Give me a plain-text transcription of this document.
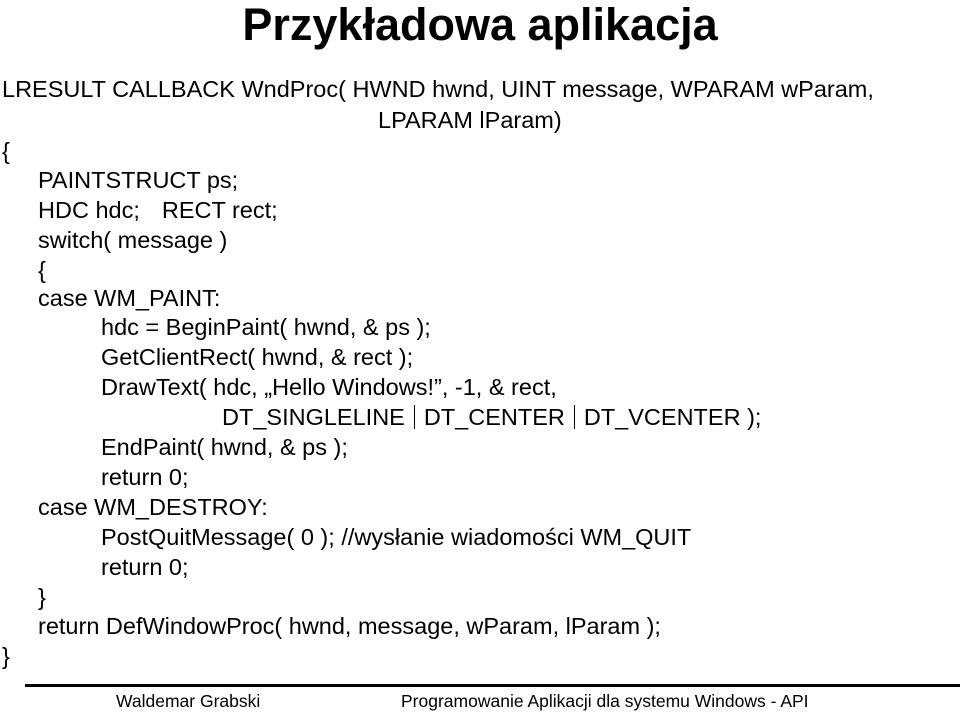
Przykładowa aplikacja
LRESULT CALLBACK WndProc( HWND hwnd, UINT message, WPARAM wParam,
LPARAM lParam)
{
PAINTSTRUCT ps;
HDC hdc; RECT rect;
switch( message )
{
case WM_PAINT:
hdc = BeginPaint( hwnd, & ps );
GetClientRect( hwnd, & rect );
DrawText( hdc, „Hello Windows!”, -1, & rect,
DT_SINGLELINE DT_CENTER DT_VCENTER );
EndPaint( hwnd, & ps );
return 0;
case WM_DESTROY:
PostQuitMessage( 0 ); //wysłanie wiadomości WM_QUIT
return 0;
}
return DefWindowProc( hwnd, message, wParam, lParam );
}
Waldemar Grabski	Programowanie Aplikacji dla systemu Windows - API
